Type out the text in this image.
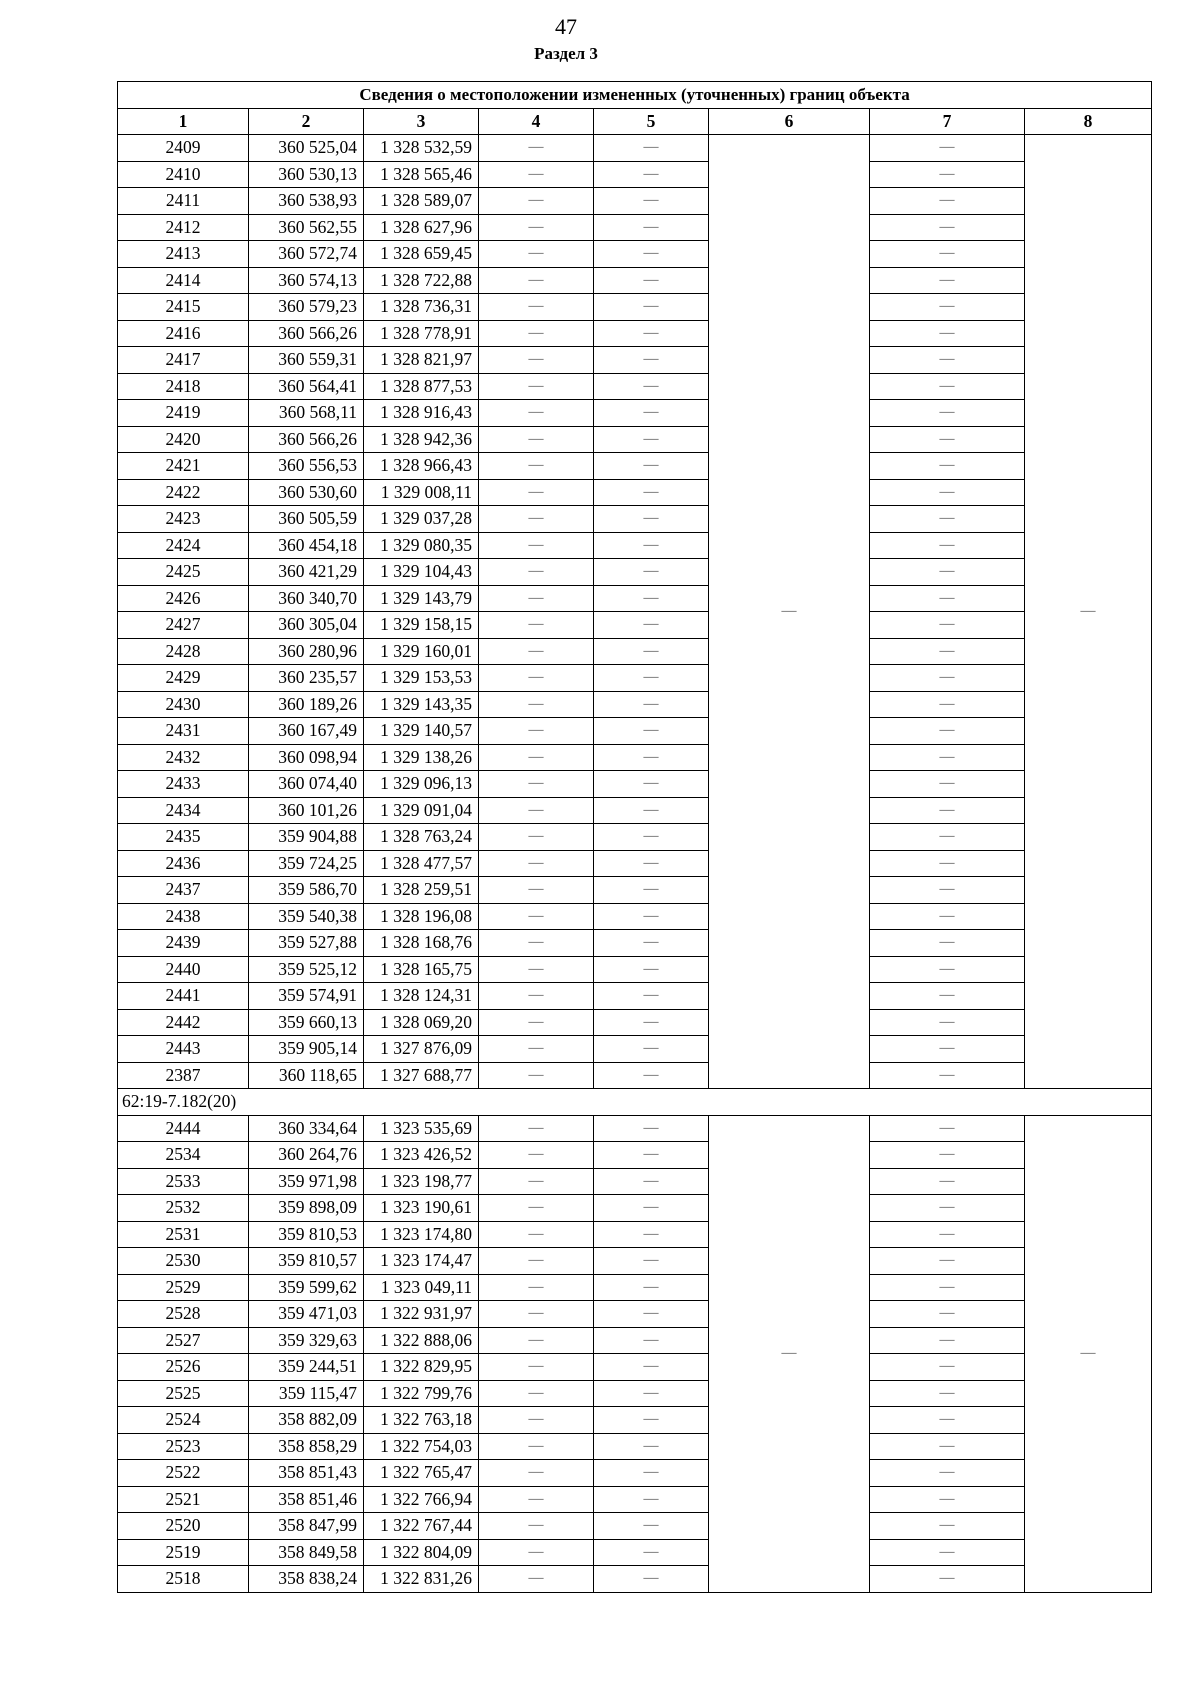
47
Раздел 3
Сведения о местоположении измененных (уточненных) границ объекта							
1	2	3	4	5	6	7	8
2409	360 525,04	1 328 532,59	—	—	—	—	—
2410	360 530,13	1 328 565,46	—	—		—	
2411	360 538,93	1 328 589,07	—	—		—	
2412	360 562,55	1 328 627,96	—	—		—	
2413	360 572,74	1 328 659,45	—	—		—	
2414	360 574,13	1 328 722,88	—	—		—	
2415	360 579,23	1 328 736,31	—	—		—	
2416	360 566,26	1 328 778,91	—	—		—	
2417	360 559,31	1 328 821,97	—	—		—	
2418	360 564,41	1 328 877,53	—	—		—	
2419	360 568,11	1 328 916,43	—	—		—	
2420	360 566,26	1 328 942,36	—	—		—	
2421	360 556,53	1 328 966,43	—	—		—	
2422	360 530,60	1 329 008,11	—	—		—	
2423	360 505,59	1 329 037,28	—	—		—	
2424	360 454,18	1 329 080,35	—	—		—	
2425	360 421,29	1 329 104,43	—	—		—	
2426	360 340,70	1 329 143,79	—	—		—	
2427	360 305,04	1 329 158,15	—	—		—	
2428	360 280,96	1 329 160,01	—	—		—	
2429	360 235,57	1 329 153,53	—	—		—	
2430	360 189,26	1 329 143,35	—	—		—	
2431	360 167,49	1 329 140,57	—	—		—	
2432	360 098,94	1 329 138,26	—	—		—	
2433	360 074,40	1 329 096,13	—	—		—	
2434	360 101,26	1 329 091,04	—	—		—	
2435	359 904,88	1 328 763,24	—	—		—	
2436	359 724,25	1 328 477,57	—	—		—	
2437	359 586,70	1 328 259,51	—	—		—	
2438	359 540,38	1 328 196,08	—	—		—	
2439	359 527,88	1 328 168,76	—	—		—	
2440	359 525,12	1 328 165,75	—	—		—	
2441	359 574,91	1 328 124,31	—	—		—	
2442	359 660,13	1 328 069,20	—	—		—	
2443	359 905,14	1 327 876,09	—	—		—	
2387	360 118,65	1 327 688,77	—	—		—	
62:19-7.182(20)							
2444	360 334,64	1 323 535,69	—	—	—	—	—
2534	360 264,76	1 323 426,52	—	—		—	
2533	359 971,98	1 323 198,77	—	—		—	
2532	359 898,09	1 323 190,61	—	—		—	
2531	359 810,53	1 323 174,80	—	—		—	
2530	359 810,57	1 323 174,47	—	—		—	
2529	359 599,62	1 323 049,11	—	—		—	
2528	359 471,03	1 322 931,97	—	—		—	
2527	359 329,63	1 322 888,06	—	—		—	
2526	359 244,51	1 322 829,95	—	—		—	
2525	359 115,47	1 322 799,76	—	—		—	
2524	358 882,09	1 322 763,18	—	—		—	
2523	358 858,29	1 322 754,03	—	—		—	
2522	358 851,43	1 322 765,47	—	—		—	
2521	358 851,46	1 322 766,94	—	—		—	
2520	358 847,99	1 322 767,44	—	—		—	
2519	358 849,58	1 322 804,09	—	—		—	
2518	358 838,24	1 322 831,26	—	—		—	
